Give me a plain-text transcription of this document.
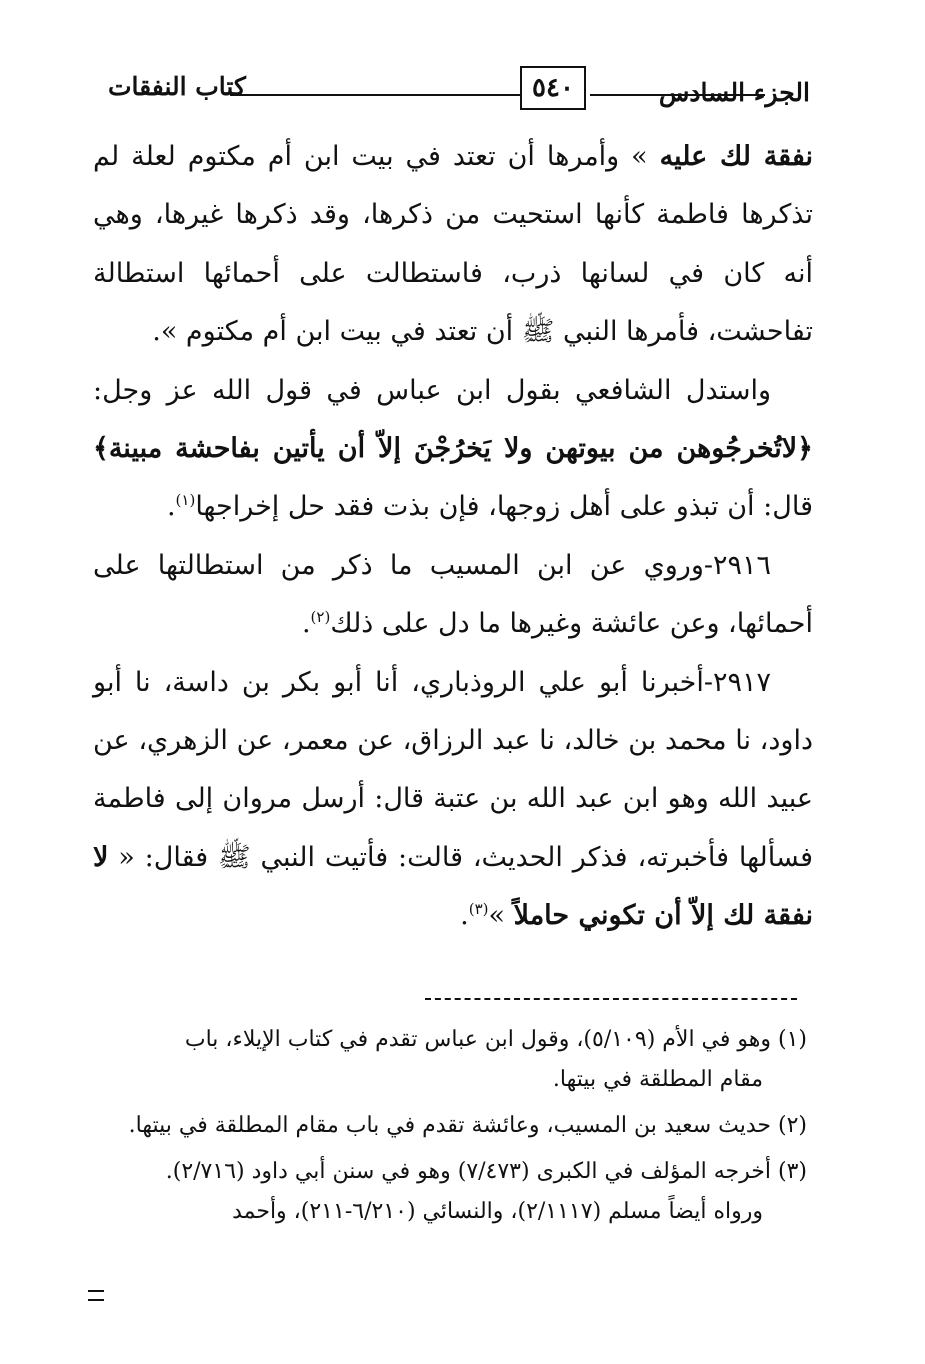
الجزء السادس
٥٤٠
كتاب النفقات

نفقة لك عليه » وأمرها أن تعتد في بيت ابن أم مكتوم لعلة لم تذكرها فاطمة كأنها استحيت من ذكرها، وقد ذكرها غيرها، وهي أنه كان في لسانها ذرب، فاستطالت على أحمائها استطالة تفاحشت، فأمرها النبي ﷺ أن تعتد في بيت ابن أم مكتوم ».

واستدل الشافعي بقول ابن عباس في قول الله عز وجل: ﴿لاتُخرجُوهن من بيوتهن ولا يَخرُجْنَ إلاّ أن يأتين بفاحشة مبينة﴾ قال: أن تبذو على أهل زوجها، فإن بذت فقد حل إخراجها$^{(١)}$.

٢٩١٦-وروي عن ابن المسيب ما ذكر من استطالتها على أحمائها، وعن عائشة وغيرها ما دل على ذلك$^{(٢)}$.

٢٩١٧-أخبرنا أبو علي الروذباري، أنا أبو بكر بن داسة، نا أبو داود، نا محمد بن خالد، نا عبد الرزاق، عن معمر، عن الزهري، عن عبيد الله وهو ابن عبد الله بن عتبة قال: أرسل مروان إلى فاطمة فسألها فأخبرته، فذكر الحديث، قالت: فأتيت النبي ﷺ فقال: « لا نفقة لك إلاّ أن تكوني حاملاً »$^{(٣)}$.

(١) وهو في الأم (٥/١٠٩)، وقول ابن عباس تقدم في كتاب الإيلاء، باب
مقام المطلقة في بيتها.

(٢) حديث سعيد بن المسيب، وعائشة تقدم في باب مقام المطلقة في بيتها.

(٣) أخرجه المؤلف في الكبرى (٧/٤٧٣) وهو في سنن أبي داود (٢/٧١٦).
ورواه أيضاً مسلم (٢/١١١٧)، والنسائي (٦/٢١٠-٢١١)، وأحمد
